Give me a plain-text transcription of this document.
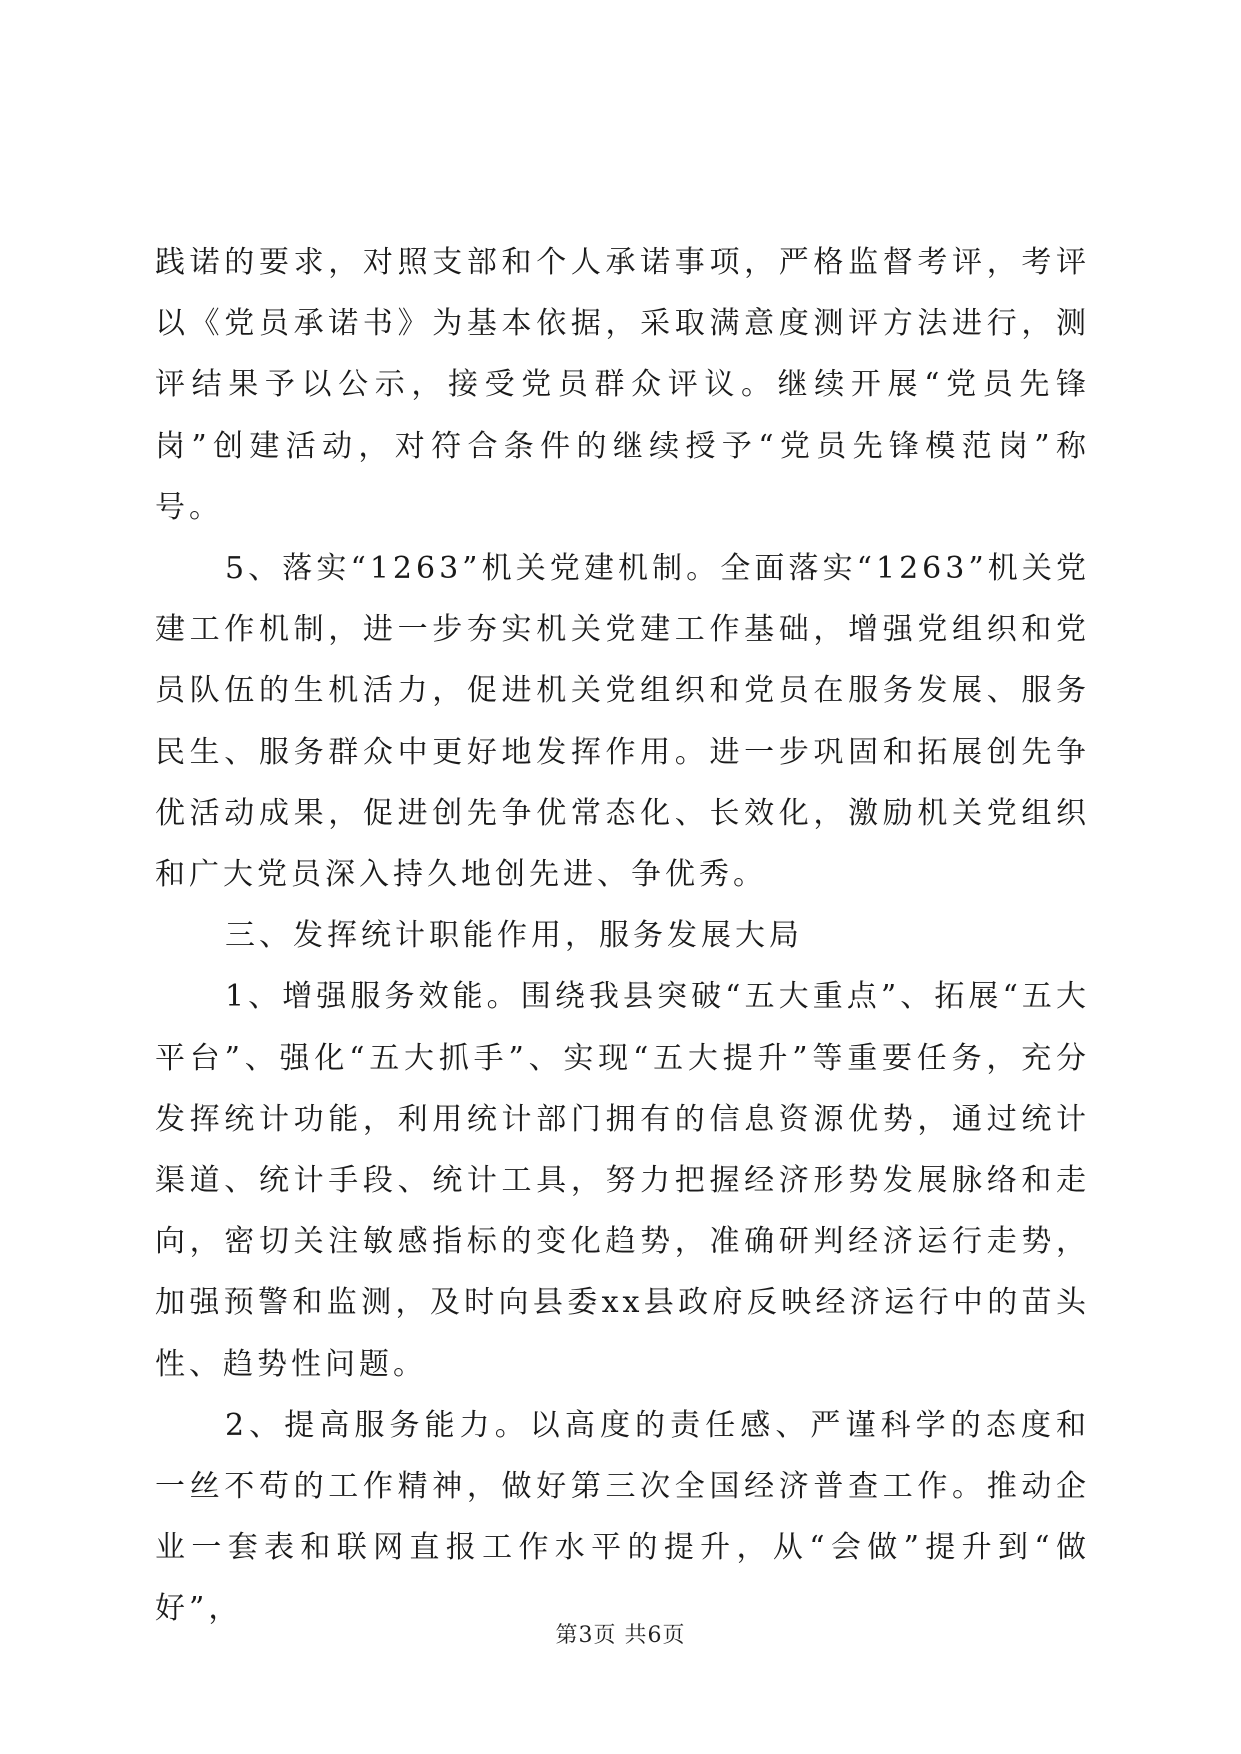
践诺的要求，对照支部和个人承诺事项，严格监督考评，考评以《党员承诺书》为基本依据，采取满意度测评方法进行，测评结果予以公示，接受党员群众评议。继续开展“党员先锋岗”创建活动，对符合条件的继续授予“党员先锋模范岗”称号。

5、落实“1263”机关党建机制。全面落实“1263”机关党建工作机制，进一步夯实机关党建工作基础，增强党组织和党员队伍的生机活力，促进机关党组织和党员在服务发展、服务民生、服务群众中更好地发挥作用。进一步巩固和拓展创先争优活动成果，促进创先争优常态化、长效化，激励机关党组织和广大党员深入持久地创先进、争优秀。

三、发挥统计职能作用，服务发展大局

1、增强服务效能。围绕我县突破“五大重点”、拓展“五大平台”、强化“五大抓手”、实现“五大提升”等重要任务，充分发挥统计功能，利用统计部门拥有的信息资源优势，通过统计渠道、统计手段、统计工具，努力把握经济形势发展脉络和走向，密切关注敏感指标的变化趋势，准确研判经济运行走势，加强预警和监测，及时向县委xx县政府反映经济运行中的苗头性、趋势性问题。

2、提高服务能力。以高度的责任感、严谨科学的态度和一丝不苟的工作精神，做好第三次全国经济普查工作。推动企业一套表和联网直报工作水平的提升，从“会做”提升到“做好”，

第3页 共6页
